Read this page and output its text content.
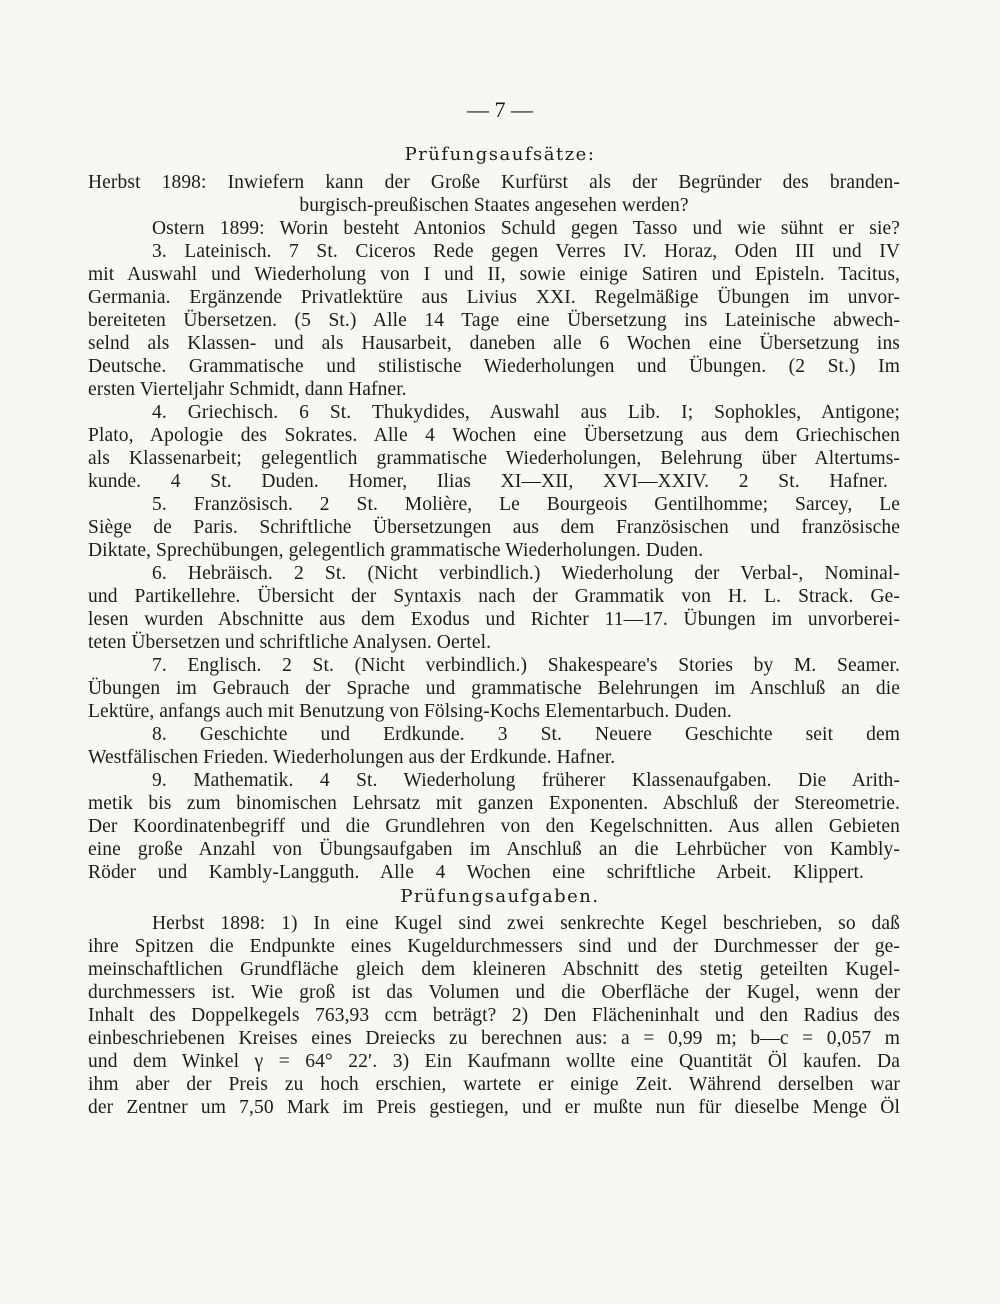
— 7 —
Prüfungsaufsätze:
Herbst 1898: Inwiefern kann der Große Kurfürst als der Begründer des branden-
burgisch-preußischen Staates angesehen werden?
Ostern 1899: Worin besteht Antonios Schuld gegen Tasso und wie sühnt er sie?
3. Lateinisch. 7 St. Ciceros Rede gegen Verres IV. Horaz, Oden III und IV
mit Auswahl und Wiederholung von I und II, sowie einige Satiren und Episteln. Tacitus,
Germania. Ergänzende Privatlektüre aus Livius XXI. Regelmäßige Übungen im unvor-
bereiteten Übersetzen. (5 St.) Alle 14 Tage eine Übersetzung ins Lateinische abwech-
selnd als Klassen- und als Hausarbeit, daneben alle 6 Wochen eine Übersetzung ins
Deutsche. Grammatische und stilistische Wiederholungen und Übungen. (2 St.) Im
ersten Vierteljahr Schmidt, dann Hafner.
4. Griechisch. 6 St. Thukydides, Auswahl aus Lib. I; Sophokles, Antigone;
Plato, Apologie des Sokrates. Alle 4 Wochen eine Übersetzung aus dem Griechischen
als Klassenarbeit; gelegentlich grammatische Wiederholungen, Belehrung über Altertums-
kunde. 4 St. Duden. Homer, Ilias XI—XII, XVI—XXIV. 2 St. Hafner.
5. Französisch. 2 St. Molière, Le Bourgeois Gentilhomme; Sarcey, Le
Siège de Paris. Schriftliche Übersetzungen aus dem Französischen und französische
Diktate, Sprechübungen, gelegentlich grammatische Wiederholungen. Duden.
6. Hebräisch. 2 St. (Nicht verbindlich.) Wiederholung der Verbal-, Nominal-
und Partikellehre. Übersicht der Syntaxis nach der Grammatik von H. L. Strack. Ge-
lesen wurden Abschnitte aus dem Exodus und Richter 11—17. Übungen im unvorberei-
teten Übersetzen und schriftliche Analysen. Oertel.
7. Englisch. 2 St. (Nicht verbindlich.) Shakespeare's Stories by M. Seamer.
Übungen im Gebrauch der Sprache und grammatische Belehrungen im Anschluß an die
Lektüre, anfangs auch mit Benutzung von Fölsing-Kochs Elementarbuch. Duden.
8. Geschichte und Erdkunde. 3 St. Neuere Geschichte seit dem
Westfälischen Frieden. Wiederholungen aus der Erdkunde. Hafner.
9. Mathematik. 4 St. Wiederholung früherer Klassenaufgaben. Die Arith-
metik bis zum binomischen Lehrsatz mit ganzen Exponenten. Abschluß der Stereometrie.
Der Koordinatenbegriff und die Grundlehren von den Kegelschnitten. Aus allen Gebieten
eine große Anzahl von Übungsaufgaben im Anschluß an die Lehrbücher von Kambly-
Röder und Kambly-Langguth. Alle 4 Wochen eine schriftliche Arbeit. Klippert.
Prüfungsaufgaben.
Herbst 1898: 1) In eine Kugel sind zwei senkrechte Kegel beschrieben, so daß
ihre Spitzen die Endpunkte eines Kugeldurchmessers sind und der Durchmesser der ge-
meinschaftlichen Grundfläche gleich dem kleineren Abschnitt des stetig geteilten Kugel-
durchmessers ist. Wie groß ist das Volumen und die Oberfläche der Kugel, wenn der
Inhalt des Doppelkegels 763,93 ccm beträgt? 2) Den Flächeninhalt und den Radius des
einbeschriebenen Kreises eines Dreiecks zu berechnen aus: a = 0,99 m; b—c = 0,057 m
und dem Winkel γ = 64° 22′. 3) Ein Kaufmann wollte eine Quantität Öl kaufen. Da
ihm aber der Preis zu hoch erschien, wartete er einige Zeit. Während derselben war
der Zentner um 7,50 Mark im Preis gestiegen, und er mußte nun für dieselbe Menge Öl
